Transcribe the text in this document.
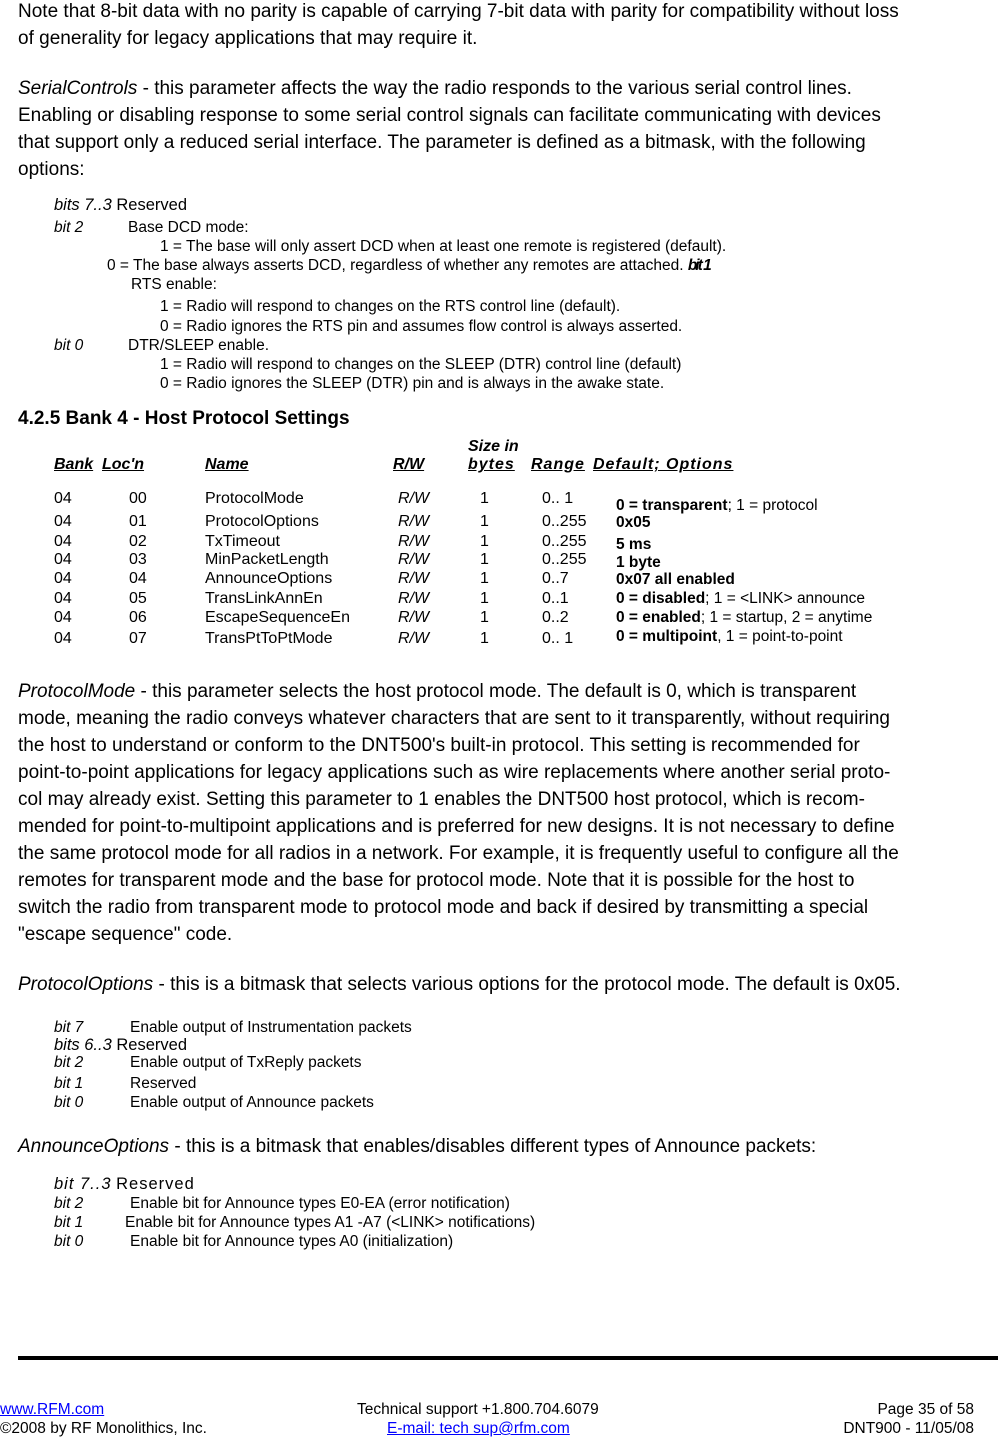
Note that 8-bit data with no parity is capable of carrying 7-bit data with parity for compatibility without loss
of generality for legacy applications that may require it.
SerialControls - this parameter affects the way the radio responds to the various serial control lines.
Enabling or disabling response to some serial control signals can facilitate communicating with devices
that support only a reduced serial interface. The parameter is defined as a bitmask, with the following
options:
bits 7..3 Reserved
bit 2	Base DCD mode:
1 = The base will only assert DCD when at least one remote is registered (default).
0 = The base always asserts DCD, regardless of whether any remotes are attached. bit 1
RTS enable:
1 = Radio will respond to changes on the RTS control line (default).
0 = Radio ignores the RTS pin and assumes flow control is always asserted.
bit 0	DTR/SLEEP enable.
1 = Radio will respond to changes on the SLEEP (DTR) control line (default)
0 = Radio ignores the SLEEP (DTR) pin and is always in the awake state.
4.2.5 Bank 4 - Host Protocol Settings
Size in
Bank Loc'n	Name	R/W	bytes Range Default; Options
04	00	ProtocolMode	R/W	1	0.. 1	0 = transparent; 1 = protocol
04	01	ProtocolOptions	R/W	1	0..255 0x05
04	02	TxTimeout	R/W	1	0..255 5 ms
04	03	MinPacketLength	R/W	1	0..255 1 byte
04	04	AnnounceOptions	R/W	1	0..7	0x07 all enabled
04	05	TransLinkAnnEn	R/W	1	0..1	0 = disabled; 1 = <LINK> announce
04	06	EscapeSequenceEn	R/W	1	0..2	0 = enabled; 1 = startup, 2 = anytime
04	07	TransPtToPtMode	R/W	1	0.. 1	0 = multipoint, 1 = point-to-point
ProtocolMode - this parameter selects the host protocol mode. The default is 0, which is transparent
mode, meaning the radio conveys whatever characters that are sent to it transparently, without requiring
the host to understand or conform to the DNT500's built-in protocol. This setting is recommended for
point-to-point applications for legacy applications such as wire replacements where another serial proto-
col may already exist. Setting this parameter to 1 enables the DNT500 host protocol, which is recom-
mended for point-to-multipoint applications and is preferred for new designs. It is not necessary to define
the same protocol mode for all radios in a network. For example, it is frequently useful to configure all the
remotes for transparent mode and the base for protocol mode. Note that it is possible for the host to
switch the radio from transparent mode to protocol mode and back if desired by transmitting a special
"escape sequence" code.
ProtocolOptions - this is a bitmask that selects various options for the protocol mode. The default is 0x05.
bit 7	Enable output of Instrumentation packets
bits 6..3 Reserved
bit 2	Enable output of TxReply packets
bit 1	Reserved
bit 0	Enable output of Announce packets
AnnounceOptions - this is a bitmask that enables/disables different types of Announce packets:
bit 7..3 Reserved
bit 2	Enable bit for Announce types E0-EA (error notification)
bit 1	Enable bit for Announce types A1 -A7 (<LINK> notifications)
bit 0	Enable bit for Announce types A0 (initialization)
www.RFM.com
©2008 by RF Monolithics, Inc.
Technical support +1.800.704.6079
E-mail: tech sup@rfm.com
Page 35 of 58
DNT900 - 11/05/08
